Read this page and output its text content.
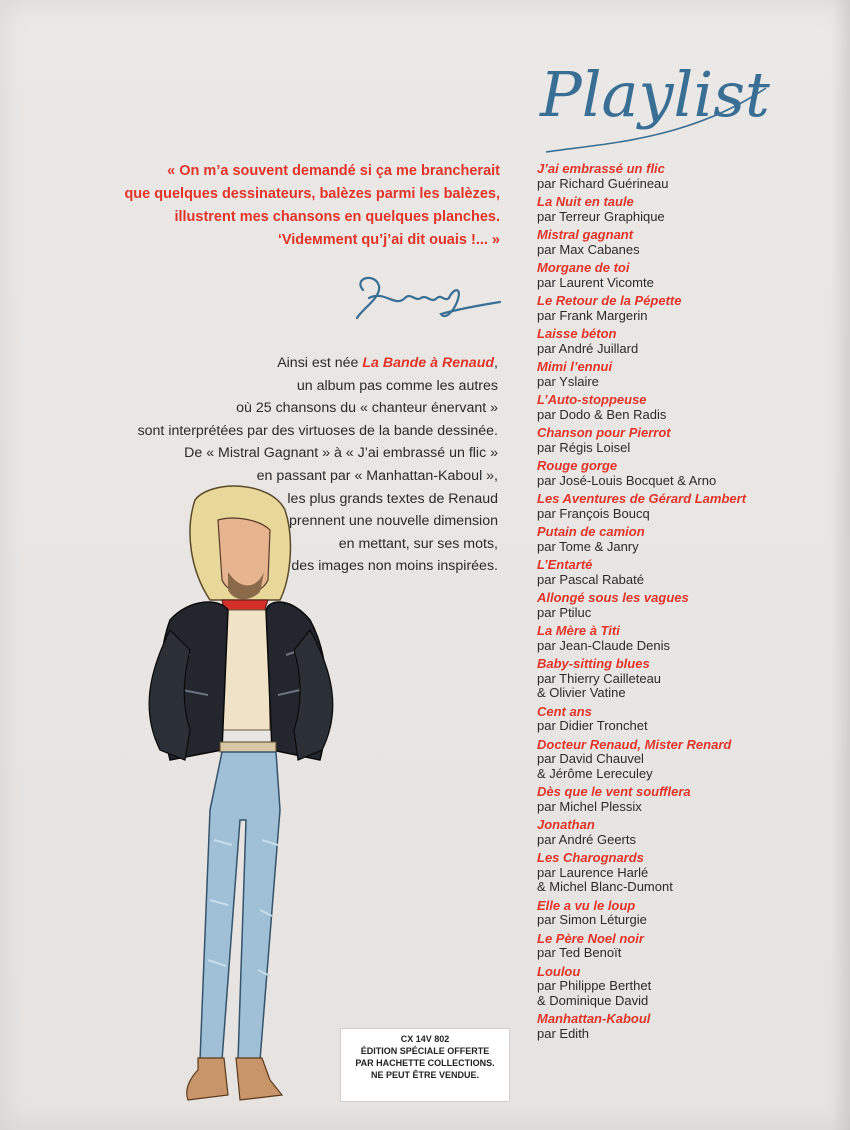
Playlist
J’ai embrassé un flic
par Richard Guérineau
La Nuit en taule
par Terreur Graphique
Mistral gagnant
par Max Cabanes
Morgane de toi
par Laurent Vicomte
Le Retour de la Pépette
par Frank Margerin
Laisse béton
par André Juillard
Mimi l’ennui
par Yslaire
L’Auto-stoppeuse
par Dodo & Ben Radis
Chanson pour Pierrot
par Régis Loisel
Rouge gorge
par José-Louis Bocquet & Arno
Les Aventures de Gérard Lambert
par François Boucq
Putain de camion
par Tome & Janry
L’Entarté
par Pascal Rabaté
Allongé sous les vagues
par Ptiluc
La Mère à Titi
par Jean-Claude Denis
Baby-sitting blues
par Thierry Cailleteau
& Olivier Vatine
Cent ans
par Didier Tronchet
Docteur Renaud, Mister Renard
par David Chauvel
& Jérôme Lereculey
Dès que le vent soufflera
par Michel Plessix
Jonathan
par André Geerts
Les Charognards
par Laurence Harlé
& Michel Blanc-Dumont
Elle a vu le loup
par Simon Léturgie
Le Père Noel noir
par Ted Benoït
Loulou
par Philippe Berthet
& Dominique David
Manhattan-Kaboul
par Edith
« On m’a souvent demandé si ça me brancherait
que quelques dessinateurs, balèzes parmi les balèzes,
illustrent mes chansons en quelques planches.
‘Vidемment qu’j’ai dit ouais !... »
Ainsi est née La Bande à Renaud,
un album pas comme les autres
où 25 chansons du « chanteur énervant »
sont interprétées par des virtuoses de la bande dessinée.
De « Mistral Gagnant » à « J’ai embrassé un flic »
en passant par « Manhattan-Kaboul »,
les plus grands textes de Renaud
prennent une nouvelle dimension
en mettant, sur ses mots,
des images non moins inspirées.
CX 14V 802
ÉDITION SPÉCIALE OFFERTE
PAR HACHETTE COLLECTIONS.
NE PEUT ÊTRE VENDUE.
